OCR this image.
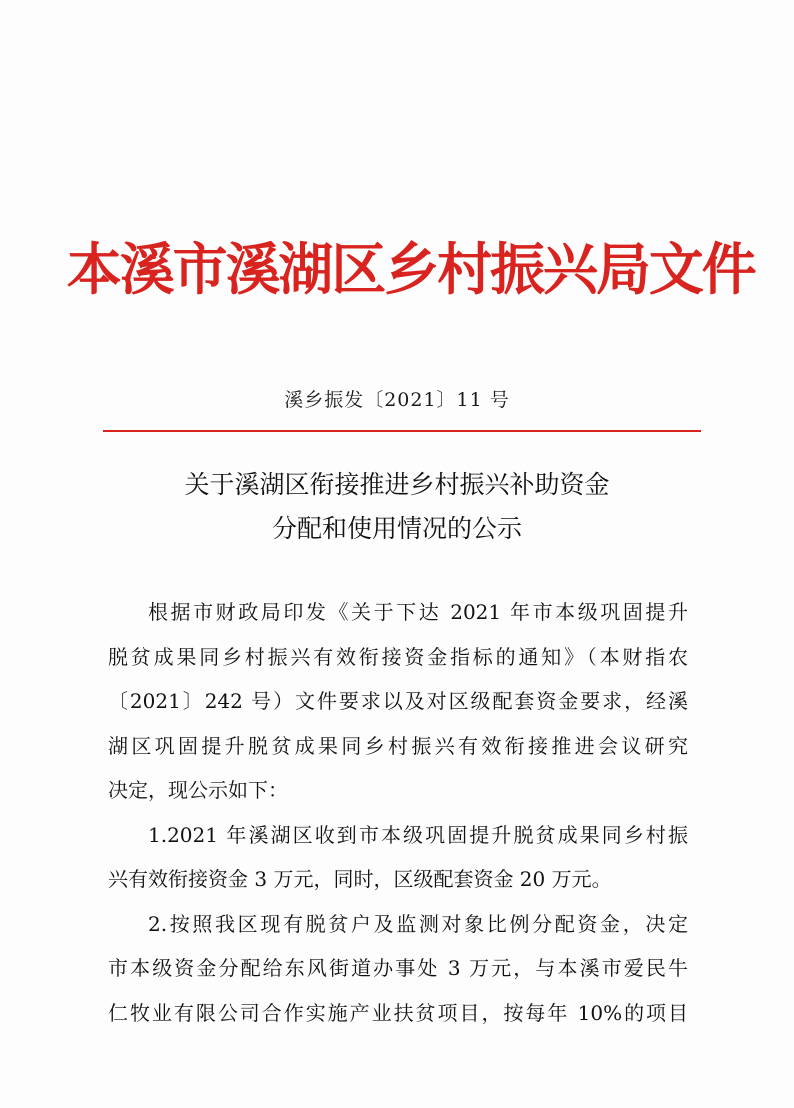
本溪市溪湖区乡村振兴局文件
溪乡振发〔2021〕11 号
关于溪湖区衔接推进乡村振兴补助资金
分配和使用情况的公示
根据市财政局印发《关于下达 2021 年市本级巩固提升
脱贫成果同乡村振兴有效衔接资金指标的通知》（本财指农
〔2021〕242 号）文件要求以及对区级配套资金要求，经溪
湖区巩固提升脱贫成果同乡村振兴有效衔接推进会议研究
决定，现公示如下：
1.2021 年溪湖区收到市本级巩固提升脱贫成果同乡村振
兴有效衔接资金 3 万元，同时，区级配套资金 20 万元。
2.按照我区现有脱贫户及监测对象比例分配资金，决定
市本级资金分配给东风街道办事处 3 万元，与本溪市爱民牛
仁牧业有限公司合作实施产业扶贫项目，按每年 10%的项目
